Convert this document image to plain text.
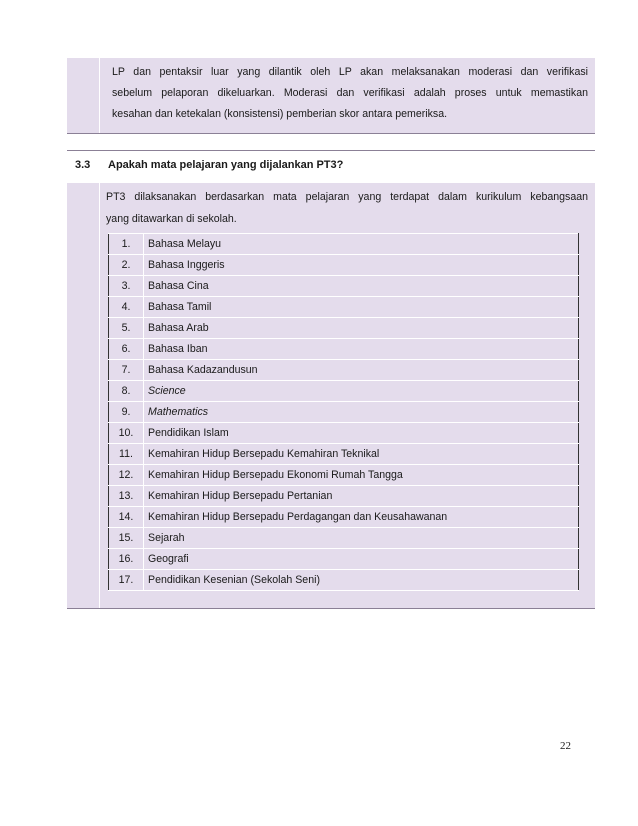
LP dan pentaksir luar yang dilantik oleh LP akan melaksanakan moderasi dan verifikasi
sebelum pelaporan dikeluarkan. Moderasi dan verifikasi adalah proses untuk memastikan
kesahan dan ketekalan (konsistensi) pemberian skor antara pemeriksa.

3.3 Apakah mata pelajaran yang dijalankan PT3?

PT3 dilaksanakan berdasarkan mata pelajaran yang terdapat dalam kurikulum kebangsaan
yang ditawarkan di sekolah.

1.	Bahasa Melayu
2.	Bahasa Inggeris
3.	Bahasa Cina
4.	Bahasa Tamil
5.	Bahasa Arab
6.	Bahasa Iban
7.	Bahasa Kadazandusun
8.	Science
9.	Mathematics
10.	Pendidikan Islam
11.	Kemahiran Hidup Bersepadu Kemahiran Teknikal
12.	Kemahiran Hidup Bersepadu Ekonomi Rumah Tangga
13.	Kemahiran Hidup Bersepadu Pertanian
14.	Kemahiran Hidup Bersepadu Perdagangan dan Keusahawanan
15.	Sejarah
16.	Geografi
17.	Pendidikan Kesenian (Sekolah Seni)
22
